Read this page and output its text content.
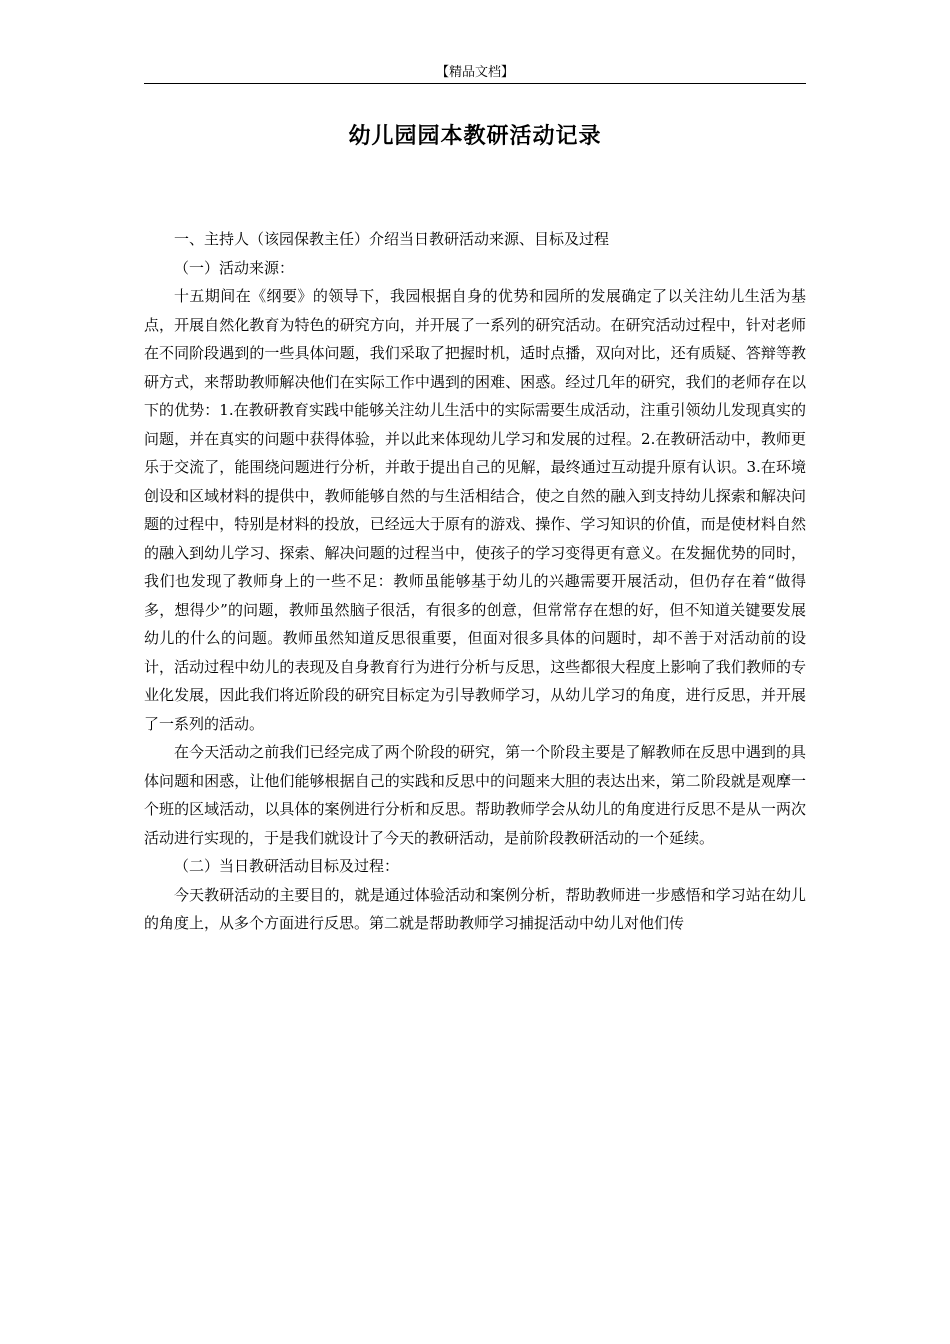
【精品文档】
幼儿园园本教研活动记录

一、主持人（该园保教主任）介绍当日教研活动来源、目标及过程

（一）活动来源：

十五期间在《纲要》的领导下，我园根据自身的优势和园所的发展确定了以关注幼儿生活为基点，开展自然化教育为特色的研究方向，并开展了一系列的研究活动。在研究活动过程中，针对老师在不同阶段遇到的一些具体问题，我们采取了把握时机，适时点播，双向对比，还有质疑、答辩等教研方式，来帮助教师解决他们在实际工作中遇到的困难、困惑。经过几年的研究，我们的老师存在以下的优势：1.在教研教育实践中能够关注幼儿生活中的实际需要生成活动，注重引领幼儿发现真实的问题，并在真实的问题中获得体验，并以此来体现幼儿学习和发展的过程。2.在教研活动中，教师更乐于交流了，能围绕问题进行分析，并敢于提出自己的见解，最终通过互动提升原有认识。3.在环境创设和区域材料的提供中，教师能够自然的与生活相结合，使之自然的融入到支持幼儿探索和解决问题的过程中，特别是材料的投放，已经远大于原有的游戏、操作、学习知识的价值，而是使材料自然的融入到幼儿学习、探索、解决问题的过程当中，使孩子的学习变得更有意义。在发掘优势的同时，我们也发现了教师身上的一些不足：教师虽能够基于幼儿的兴趣需要开展活动，但仍存在着“做得多，想得少”的问题，教师虽然脑子很活，有很多的创意，但常常存在想的好，但不知道关键要发展幼儿的什么的问题。教师虽然知道反思很重要，但面对很多具体的问题时，却不善于对活动前的设计，活动过程中幼儿的表现及自身教育行为进行分析与反思，这些都很大程度上影响了我们教师的专业化发展，因此我们将近阶段的研究目标定为引导教师学习，从幼儿学习的角度，进行反思，并开展了一系列的活动。

在今天活动之前我们已经完成了两个阶段的研究，第一个阶段主要是了解教师在反思中遇到的具体问题和困惑，让他们能够根据自己的实践和反思中的问题来大胆的表达出来，第二阶段就是观摩一个班的区域活动，以具体的案例进行分析和反思。帮助教师学会从幼儿的角度进行反思不是从一两次活动进行实现的，于是我们就设计了今天的教研活动，是前阶段教研活动的一个延续。

（二）当日教研活动目标及过程：

今天教研活动的主要目的，就是通过体验活动和案例分析，帮助教师进一步感悟和学习站在幼儿的角度上，从多个方面进行反思。第二就是帮助教师学习捕捉活动中幼儿对他们传
